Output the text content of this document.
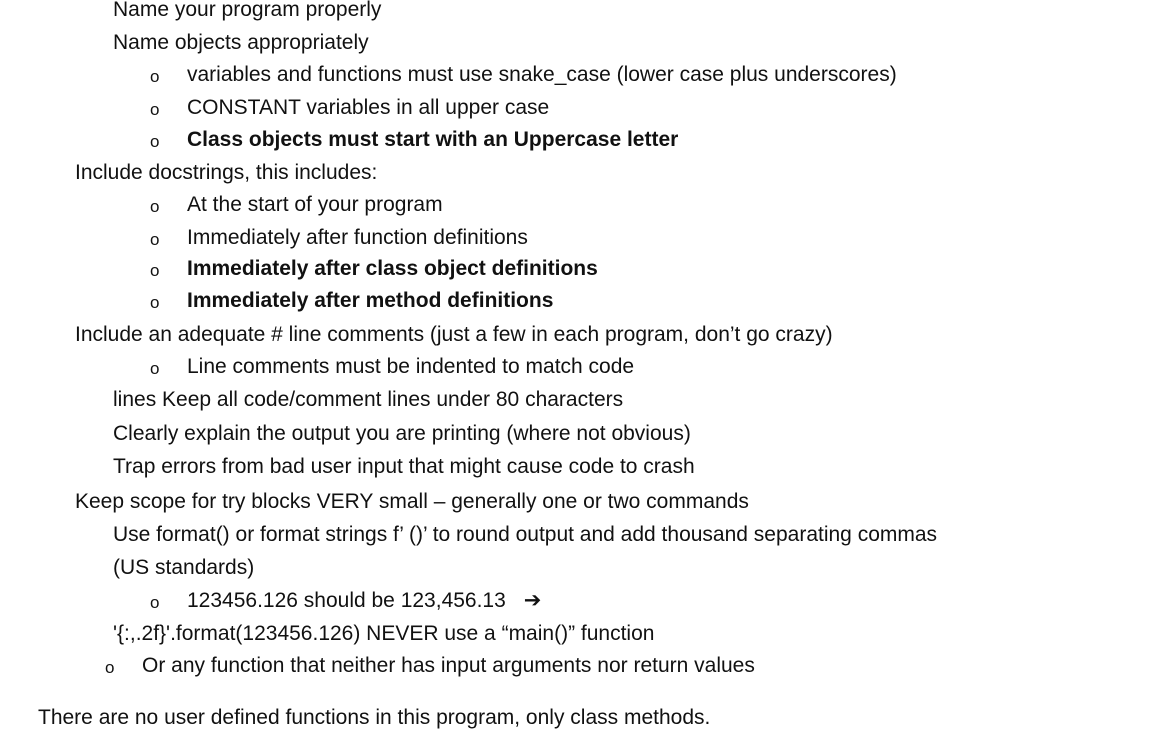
Name your program properly
Name objects appropriately
o variables and functions must use snake_case (lower case plus underscores)
o CONSTANT variables in all upper case
o Class objects must start with an Uppercase letter
Include docstrings, this includes:
o At the start of your program
o Immediately after function definitions
o Immediately after class object definitions
o Immediately after method definitions
Include an adequate # line comments (just a few in each program, don’t go crazy)
o Line comments must be indented to match code
lines Keep all code/comment lines under 80 characters
Clearly explain the output you are printing (where not obvious)
Trap errors from bad user input that might cause code to crash
Keep scope for try blocks VERY small – generally one or two commands
Use format() or format strings f’ ()’ to round output and add thousand separating commas
(US standards)
o 123456.126 should be 123,456.13 ➔
'{:,.2f}'.format(123456.126) NEVER use a “main()” function
o Or any function that neither has input arguments nor return values
There are no user defined functions in this program, only class methods.
